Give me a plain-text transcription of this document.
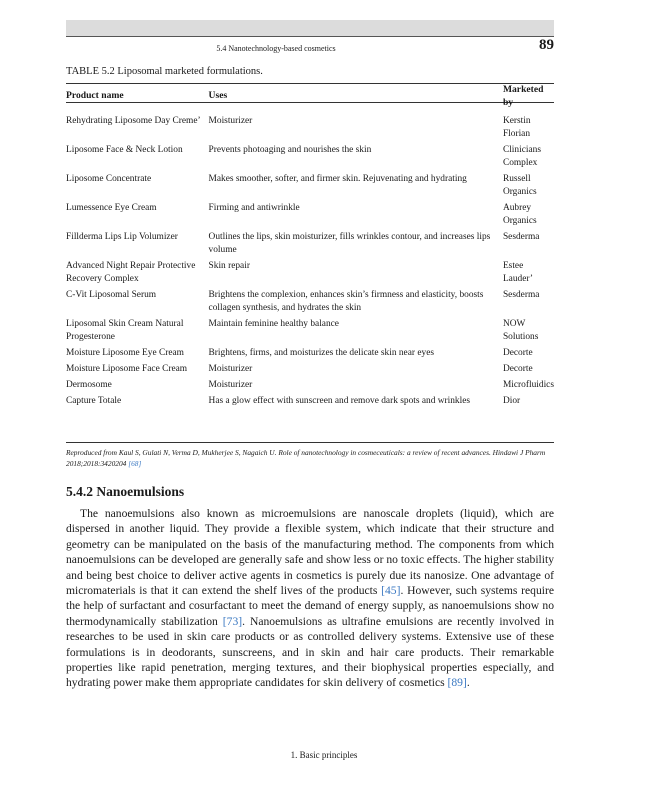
5.4 Nanotechnology-based cosmetics	89
TABLE 5.2 Liposomal marketed formulations.
Product name	Uses	Marketed by
Rehydrating Liposome Day Creme’	Moisturizer	Kerstin Florian
Liposome Face & Neck Lotion	Prevents photoaging and nourishes the skin	Clinicians Complex
Liposome Concentrate	Makes smoother, softer, and firmer skin. Rejuvenating and hydrating	Russell Organics
Lumessence Eye Cream	Firming and antiwrinkle	Aubrey Organics
Fillderma Lips Lip Volumizer	Outlines the lips, skin moisturizer, fills wrinkles contour, and increases lips volume	Sesderma
Advanced Night Repair Protective Recovery Complex	Skin repair	Estee Lauder’
C-Vit Liposomal Serum	Brightens the complexion, enhances skin’s firmness and elasticity, boosts collagen synthesis, and hydrates the skin	Sesderma
Liposomal Skin Cream Natural Progesterone	Maintain feminine healthy balance	NOW Solutions
Moisture Liposome Eye Cream	Brightens, firms, and moisturizes the delicate skin near eyes	Decorte
Moisture Liposome Face Cream	Moisturizer	Decorte
Dermosome	Moisturizer	Microfluidics
Capture Totale	Has a glow effect with sunscreen and remove dark spots and wrinkles	Dior
Reproduced from Kaul S, Gulati N, Verma D, Mukherjee S, Nagaich U. Role of nanotechnology in cosmeceuticals: a review of recent advances. Hindawi J Pharm 2018;2018:3420204 [68]
5.4.2 Nanoemulsions

The nanoemulsions also known as microemulsions are nanoscale droplets (liquid), which are dispersed in another liquid. They provide a flexible system, which indicate that their structure and geometry can be manipulated on the basis of the manufacturing method. The components from which nanoemulsions can be developed are generally safe and show less or no toxic effects. The higher stability and being best choice to deliver active agents in cosmetics is purely due its nanosize. One advantage of micromaterials is that it can extend the shelf lives of the products [45]. However, such systems require the help of surfactant and cosurfactant to meet the demand of energy supply, as nanoemulsions show no thermodynamically stabilization [73]. Nanoemulsions as ultrafine emulsions are recently involved in researches to be used in skin care products or as controlled delivery systems. Extensive use of these formulations is in deodorants, sunscreens, and in skin and hair care products. Their remarkable properties like rapid penetration, merging textures, and their biophysical properties especially, and hydrating power make them appropriate candidates for skin delivery of cosmetics [89].

1. Basic principles
